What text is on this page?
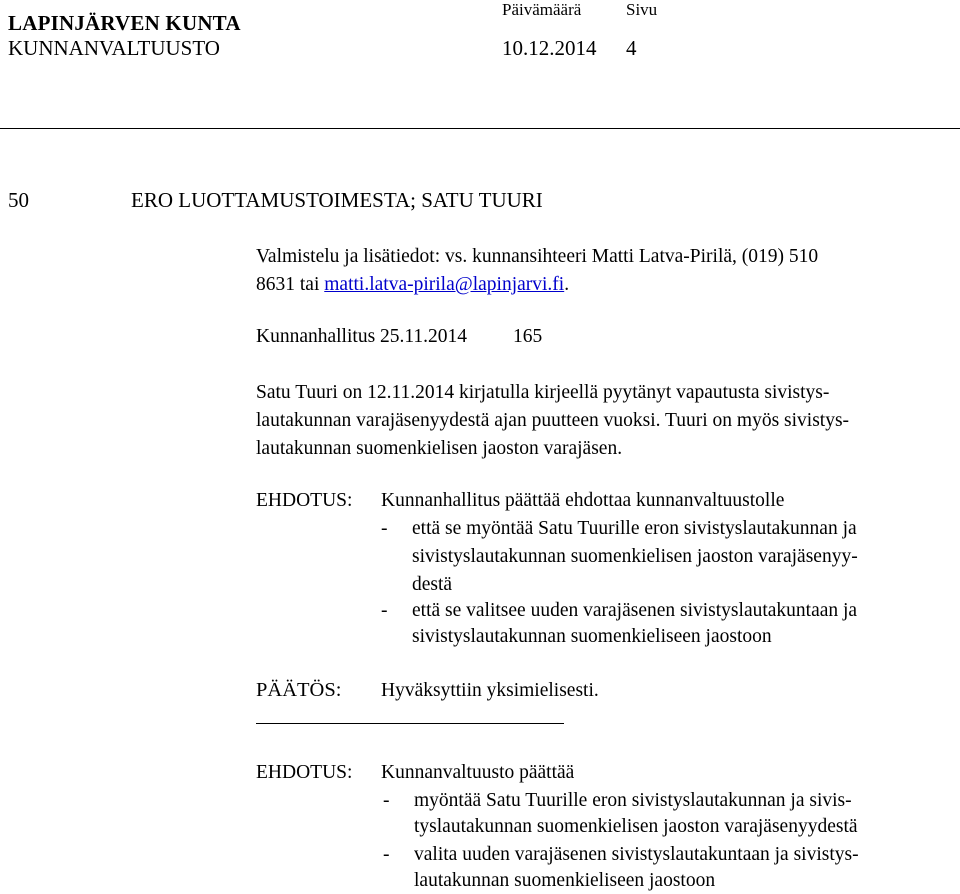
LAPINJÄRVEN KUNTA
KUNNANVALTUUSTO
Päivämäärä	Sivu
10.12.2014 4
50	ERO LUOTTAMUSTOIMESTA; SATU TUURI
Valmistelu ja lisätiedot: vs. kunnansihteeri Matti Latva-Pirilä, (019) 510
8631 tai matti.latva-pirila@lapinjarvi.fi.
Kunnanhallitus 25.11.2014 165
Satu Tuuri on 12.11.2014 kirjatulla kirjeellä pyytänyt vapautusta sivistys-
lautakunnan varajäsenyydestä ajan puutteen vuoksi. Tuuri on myös sivistys-
lautakunnan suomenkielisen jaoston varajäsen.
EHDOTUS: Kunnanhallitus päättää ehdottaa kunnanvaltuustolle
- että se myöntää Satu Tuurille eron sivistyslautakunnan ja
sivistyslautakunnan suomenkielisen jaoston varajäsenyy-
destä
- että se valitsee uuden varajäsenen sivistyslautakuntaan ja
sivistyslautakunnan suomenkieliseen jaostoon
PÄÄTÖS: Hyväksyttiin yksimielisesti.
EHDOTUS: Kunnanvaltuusto päättää
- myöntää Satu Tuurille eron sivistyslautakunnan ja sivis-
tyslautakunnan suomenkielisen jaoston varajäsenyydestä
- valita uuden varajäsenen sivistyslautakuntaan ja sivistys-
lautakunnan suomenkieliseen jaostoon
